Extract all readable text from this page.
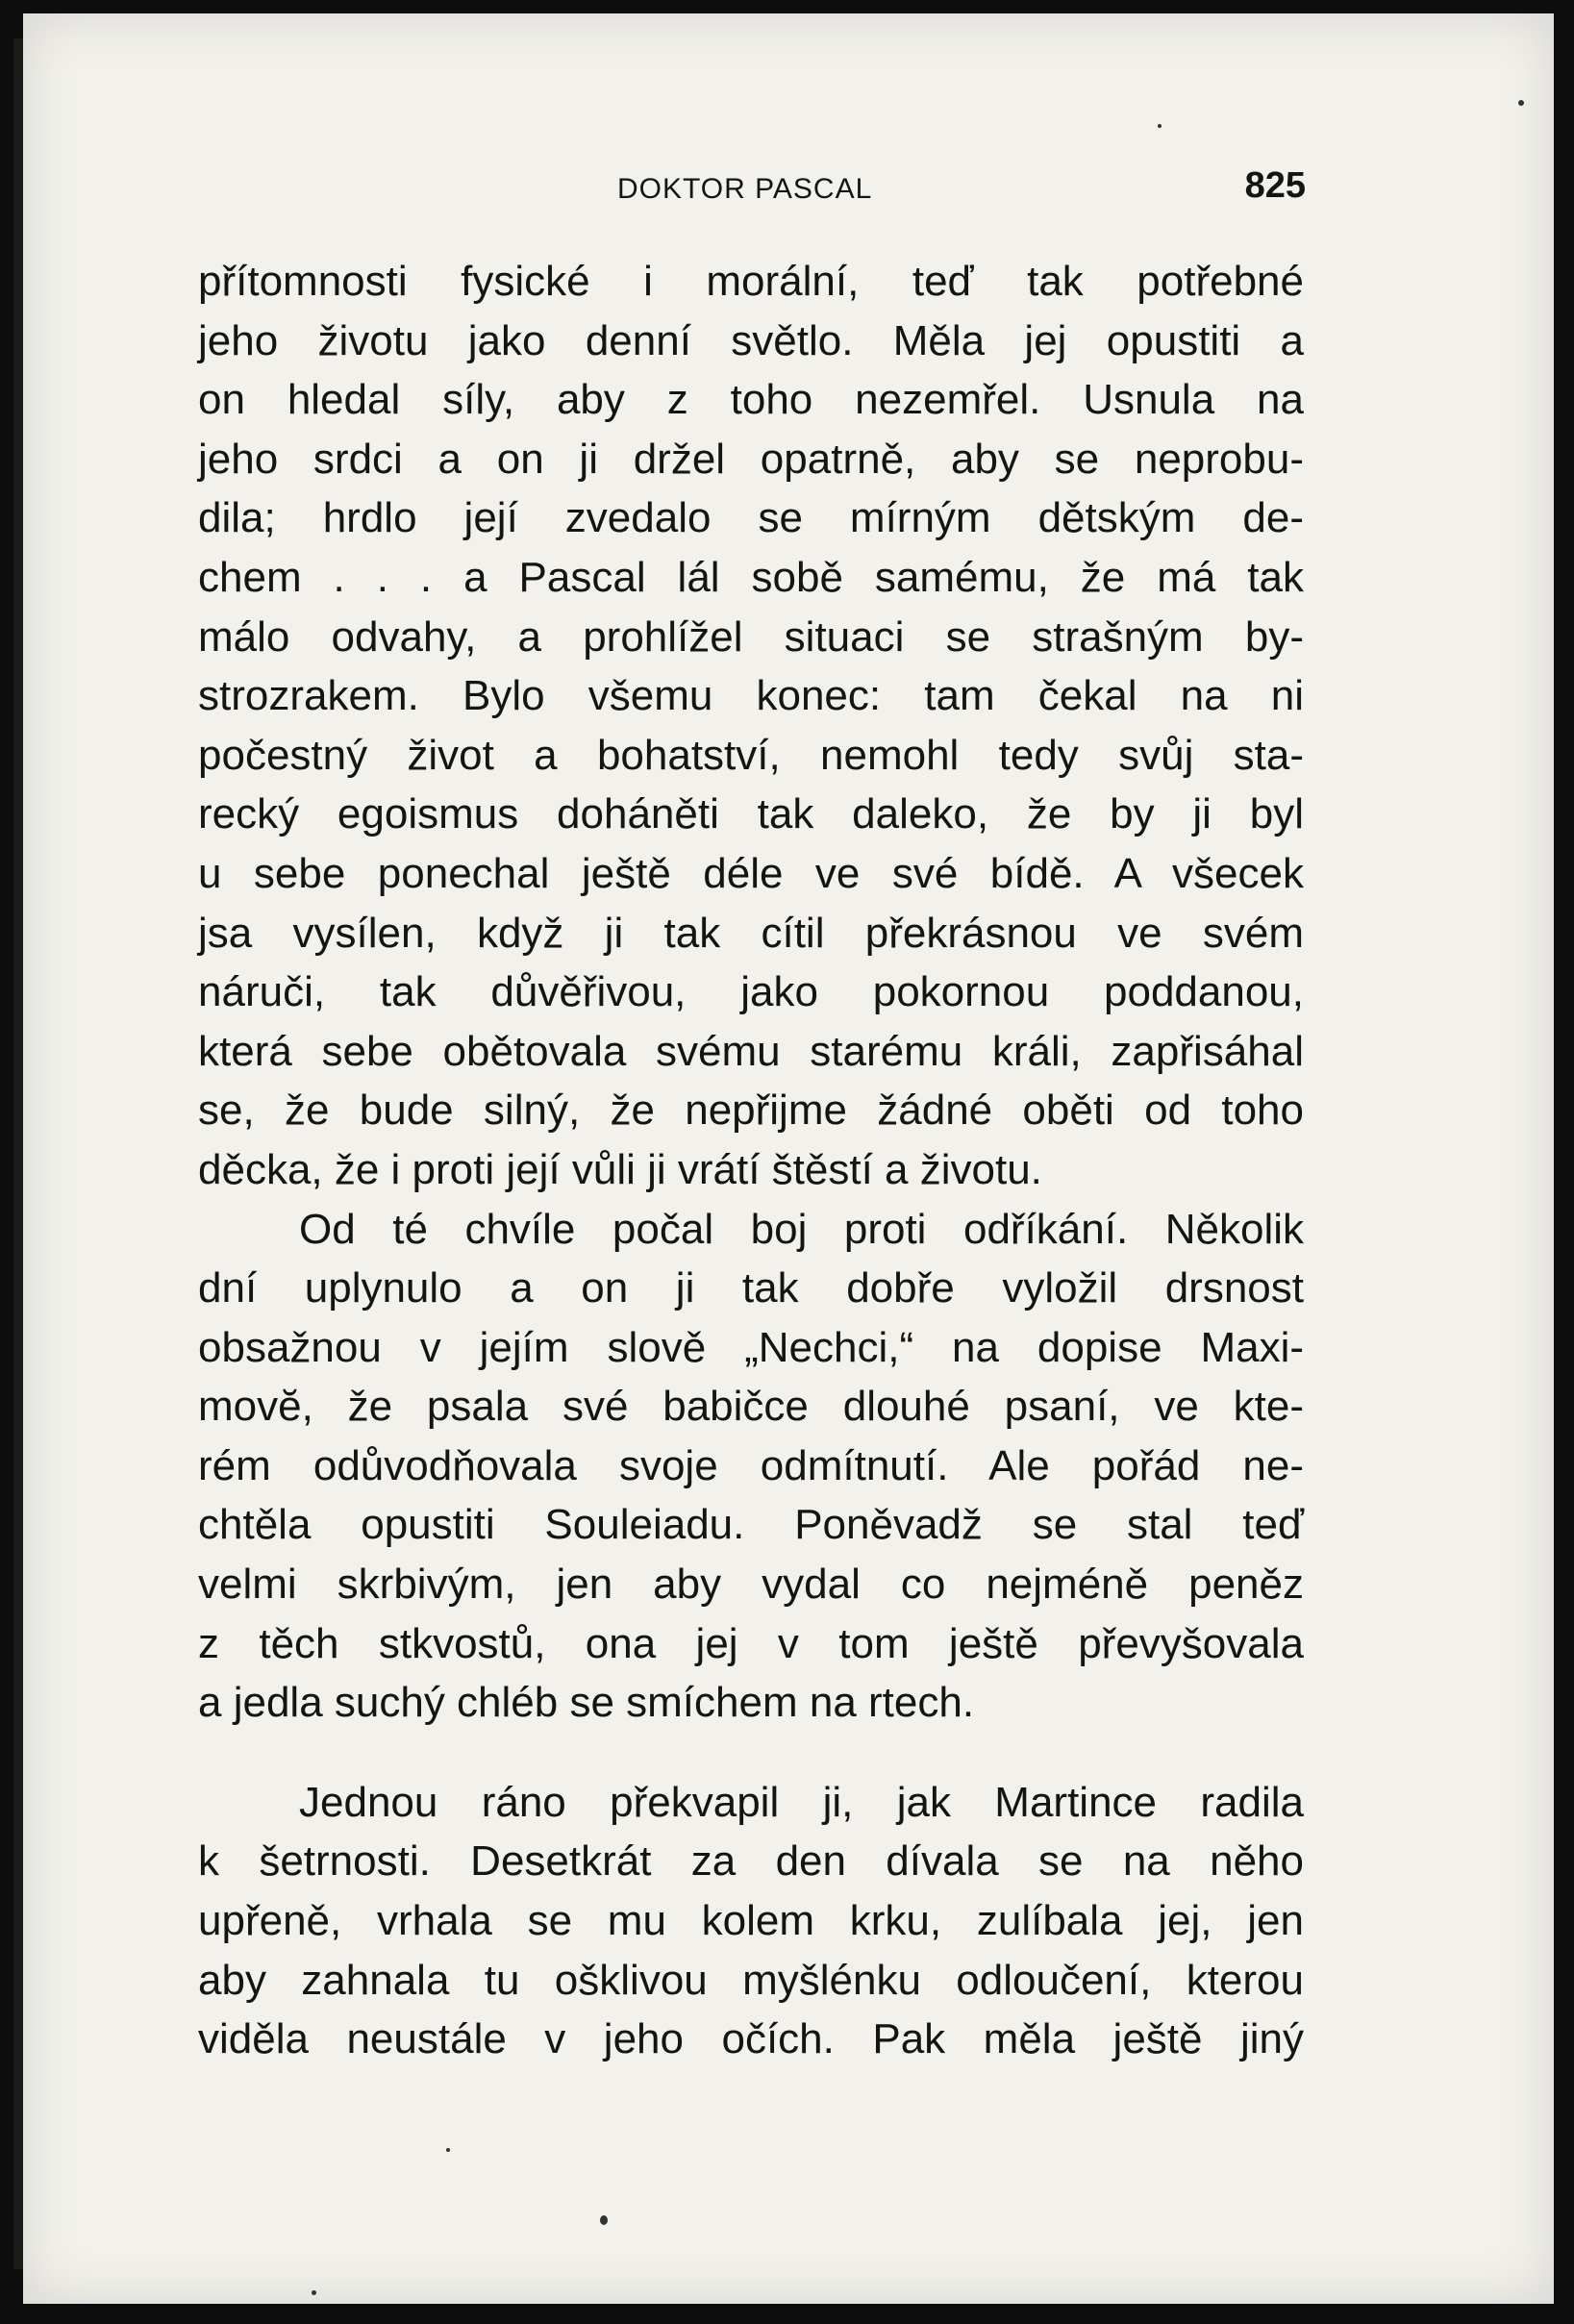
DOKTOR PASCAL	825
přítomnosti fysické i morální, teď tak potřebné
jeho životu jako denní světlo. Měla jej opustiti a
on hledal síly, aby z toho nezemřel. Usnula na
jeho srdci a on ji držel opatrně, aby se neprobu-
dila; hrdlo její zvedalo se mírným dětským de-
chem . . . a Pascal lál sobě samému, že má tak
málo odvahy, a prohlížel situaci se strašným by-
strozrakem. Bylo všemu konec: tam čekal na ni
počestný život a bohatství, nemohl tedy svůj sta-
recký egoismus doháněti tak daleko, že by ji byl
u sebe ponechal ještě déle ve své bídě. A všecek
jsa vysílen, když ji tak cítil překrásnou ve svém
náruči, tak důvěřivou, jako pokornou poddanou,
která sebe obětovala svému starému králi, zapřisáhal
se, že bude silný, že nepřijme žádné oběti od toho
děcka, že i proti její vůli ji vrátí štěstí a životu.
Od té chvíle počal boj proti odříkání. Několik
dní uplynulo a on ji tak dobře vyložil drsnost
obsažnou v jejím slově „Nechci,“ na dopise Maxi-
movĕ, že psala své babičce dlouhé psaní, ve kte-
rém odůvodňovala svoje odmítnutí. Ale pořád ne-
chtěla opustiti Souleiadu. Poněvadž se stal teď
velmi skrbivým, jen aby vydal co nejméně peněz
z těch stkvostů, ona jej v tom ještě převyšovala
a jedla suchý chléb se smíchem na rtech.
Jednou ráno překvapil ji, jak Martince radila
k šetrnosti. Desetkrát za den dívala se na něho
upřeně, vrhala se mu kolem krku, zulíbala jej, jen
aby zahnala tu ošklivou myšlénku odloučení, kterou
viděla neustále v jeho očích. Pak měla ještě jiný
